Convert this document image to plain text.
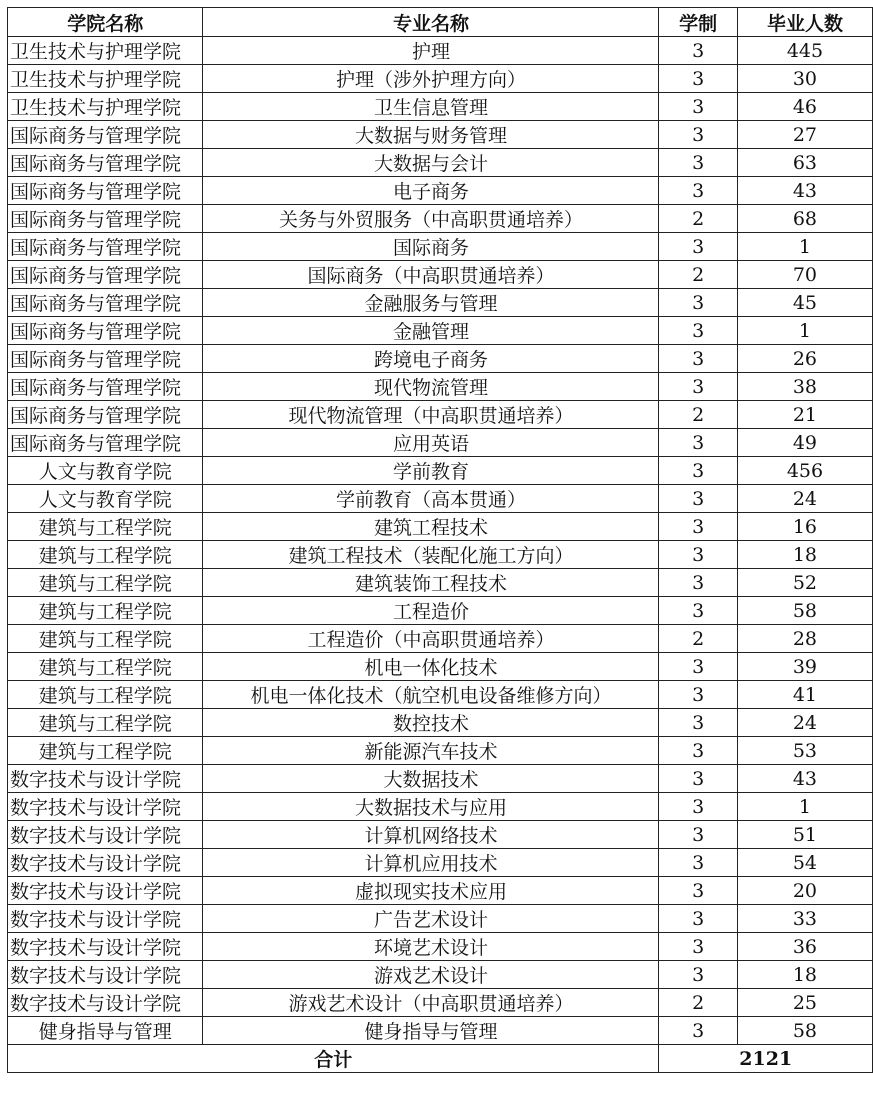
学院名称	专业名称	学制	毕业人数
卫生技术与护理学院	护理	3	445
卫生技术与护理学院	护理（涉外护理方向）	3	30
卫生技术与护理学院	卫生信息管理	3	46
国际商务与管理学院	大数据与财务管理	3	27
国际商务与管理学院	大数据与会计	3	63
国际商务与管理学院	电子商务	3	43
国际商务与管理学院	关务与外贸服务（中高职贯通培养）	2	68
国际商务与管理学院	国际商务	3	1
国际商务与管理学院	国际商务（中高职贯通培养）	2	70
国际商务与管理学院	金融服务与管理	3	45
国际商务与管理学院	金融管理	3	1
国际商务与管理学院	跨境电子商务	3	26
国际商务与管理学院	现代物流管理	3	38
国际商务与管理学院	现代物流管理（中高职贯通培养）	2	21
国际商务与管理学院	应用英语	3	49
人文与教育学院	学前教育	3	456
人文与教育学院	学前教育（高本贯通）	3	24
建筑与工程学院	建筑工程技术	3	16
建筑与工程学院	建筑工程技术（装配化施工方向）	3	18
建筑与工程学院	建筑装饰工程技术	3	52
建筑与工程学院	工程造价	3	58
建筑与工程学院	工程造价（中高职贯通培养）	2	28
建筑与工程学院	机电一体化技术	3	39
建筑与工程学院	机电一体化技术（航空机电设备维修方向）	3	41
建筑与工程学院	数控技术	3	24
建筑与工程学院	新能源汽车技术	3	53
数字技术与设计学院	大数据技术	3	43
数字技术与设计学院	大数据技术与应用	3	1
数字技术与设计学院	计算机网络技术	3	51
数字技术与设计学院	计算机应用技术	3	54
数字技术与设计学院	虚拟现实技术应用	3	20
数字技术与设计学院	广告艺术设计	3	33
数字技术与设计学院	环境艺术设计	3	36
数字技术与设计学院	游戏艺术设计	3	18
数字技术与设计学院	游戏艺术设计（中高职贯通培养）	2	25
健身指导与管理	健身指导与管理	3	58
合计		2121	
